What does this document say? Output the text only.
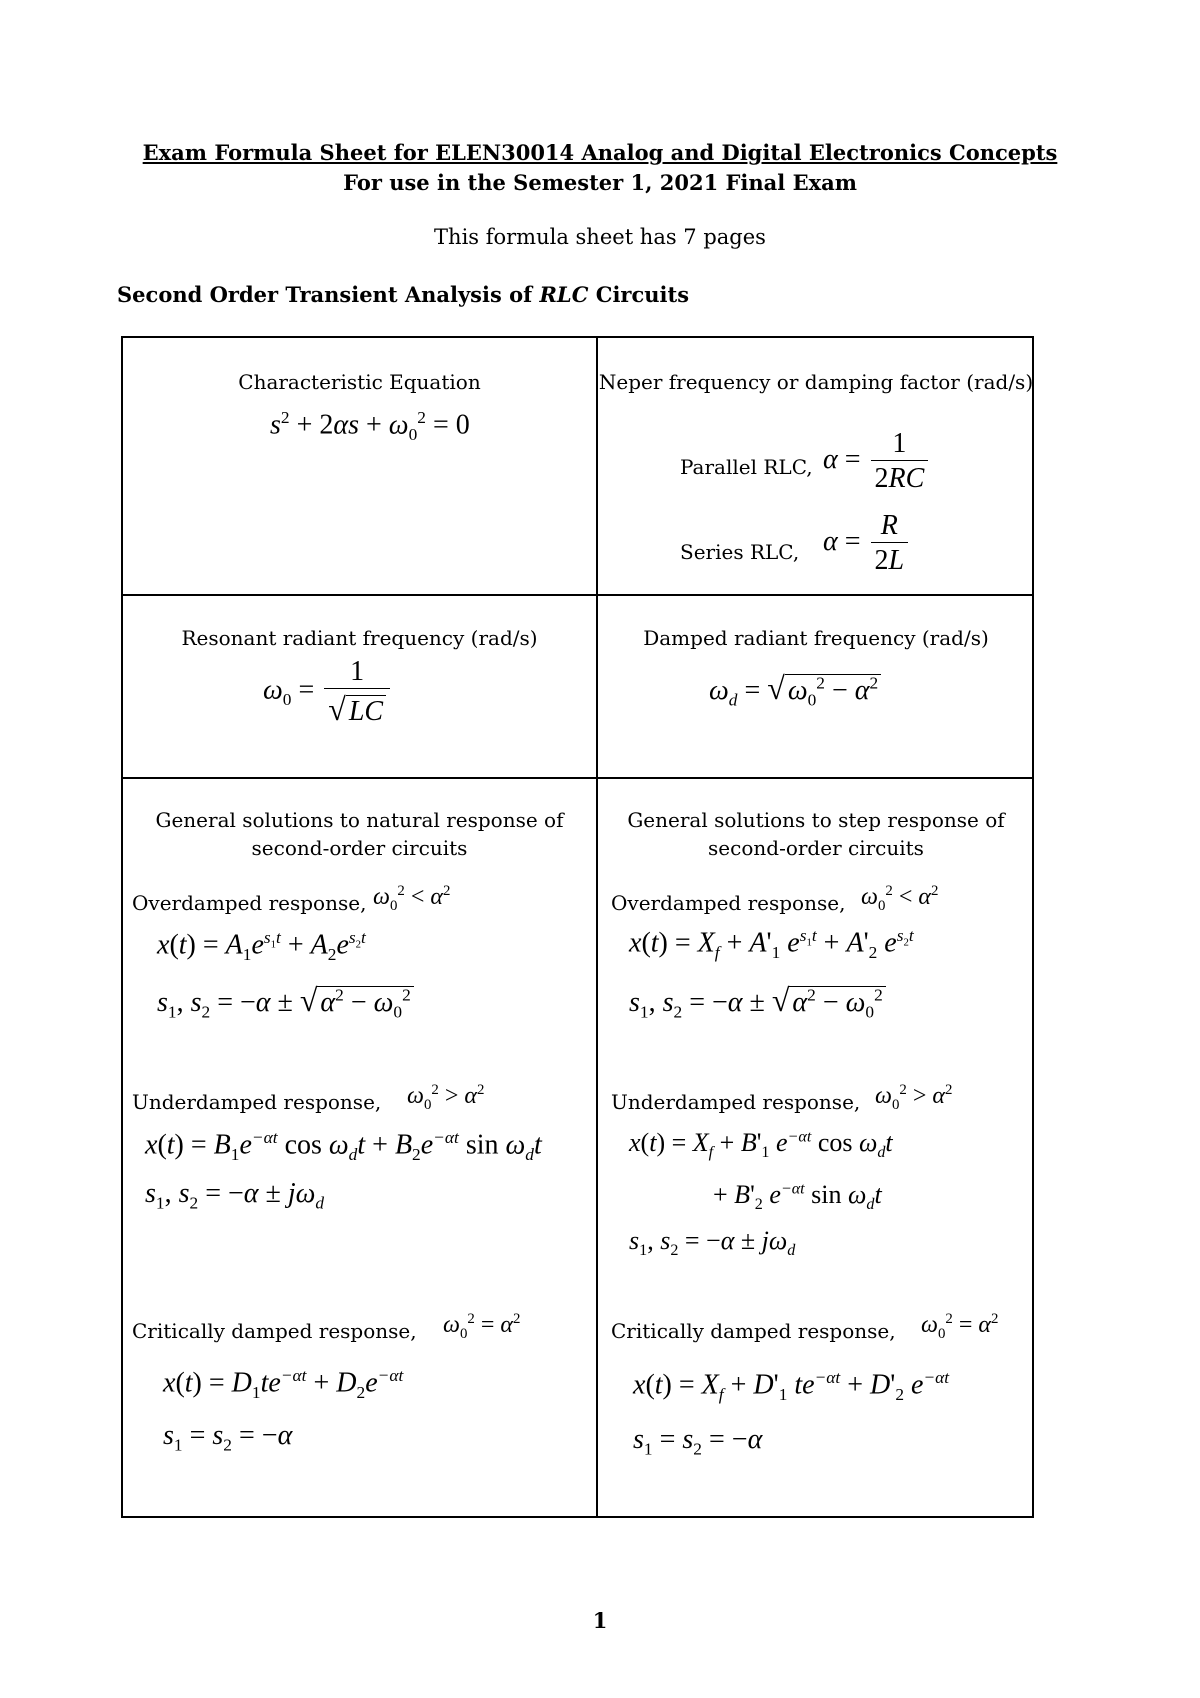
Exam Formula Sheet for ELEN30014 Analog and Digital Electronics Concepts
For use in the Semester 1, 2021 Final Exam
This formula sheet has 7 pages
Second Order Transient Analysis of RLC Circuits
Characteristic Equation
$s^2 + 2\alpha s + \omega_0^2 = 0$
Neper frequency or damping factor (rad/s)
Parallel RLC, $\alpha = \frac{1}{2RC}$
Series RLC, $\alpha = \frac{R}{2L}$
Resonant radiant frequency (rad/s)
$\omega_0 = \frac{1}{√ LC}$
Damped radiant frequency (rad/s)
$\omega_d$ = √ $\omega_0^2 - \alpha^2$
General solutions to natural response of second-order circuits
Overdamped response, $\omega_0^2 < \alpha^2$
$x(t) = A_1e^{s_1t} + A_2e^{s_2t}$
$s_1$, $s_2 = -\alpha$ ± √ $\alpha^2 - \omega_0^2$
Underdamped response, $\omega_0^2 > \alpha^2$
$x(t) = B_1e^{-\alpha t}$ $\cos \omega_dt + B_2e^{-\alpha t}$ $\sin \omega_dt$
$s_1$, $s_2 = -\alpha \pm j\omega_d$
Critically damped response, $\omega_0^2 = \alpha^2$
$x(t) = D_1te^{-\alpha t} + D_2e^{-\alpha t}$
$s_1 = s_2 = -\alpha$
General solutions to step response of second-order circuits
Overdamped response, $\omega_0^2 < \alpha^2$
$x(t) = X_f + A'_1$ $e^{s_1t} + A'_2$ $e^{s_2t}$
$s_1$, $s_2 = -\alpha$ ± √ $\alpha^2 - \omega_0^2$
Underdamped response, $\omega_0^2 > \alpha^2$
$x(t) = X_f + B'_1$ $e^{-\alpha t}$ $\cos \omega_dt$
+ $B'_2$ $e^{-\alpha t}$ $\sin \omega_dt$
$s_1$, $s_2 = -\alpha \pm j\omega_d$
Critically damped response, $\omega_0^2 = \alpha^2$
$x(t) = X_f + D'_1$ $te^{-\alpha t} + D'_2$ $e^{-\alpha t}$
$s_1 = s_2 = -\alpha$
1
